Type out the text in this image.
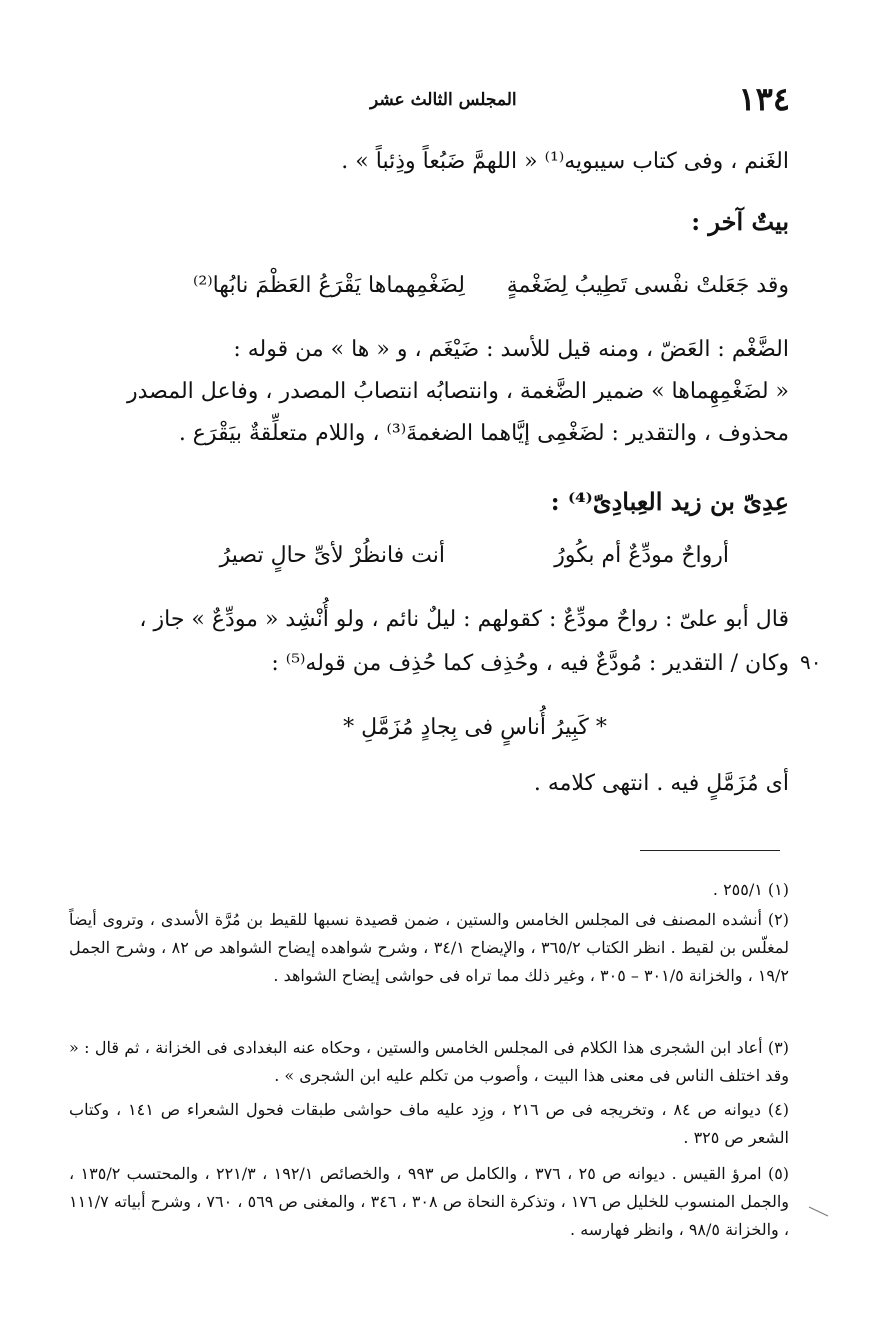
١٣٤
المجلس الثالث عشر
الغَنم ، وفى كتاب سيبويه⁽¹⁾ « اللهمَّ ضَبُعاً وذِئباً » .
بيتٌ آخر :
وقد جَعَلتْ نفْسى تَطِيبُ لِضَغْمةٍ
لِضَغْمِهماها يَقْرَعُ العَظْمَ نابُها⁽²⁾
الضَّغْم : العَضّ ، ومنه قيل للأسد : ضَيْغَم ، و « ها » من قوله :
« لضَغْمِهِماها » ضمير الضَّغمة ، وانتصابُه انتصابُ المصدر ، وفاعل المصدر
محذوف ، والتقدير : لضَغْمِى إيَّاهما الضغمةَ⁽³⁾ ، واللام متعلِّقةٌ بيَقْرَع .
عِدِىّ بن زيد العِبادِىّ⁽⁴⁾ :
أرواحٌ مودِّعٌ أم بكُورُ
أنت فانظُرْ لأىِّ حالٍ تصيرُ
قال أبو علىّ : رواحٌ مودِّعٌ : كقولهم : ليلٌ نائم ، ولو أُنْشِد « مودِّعٌ » جاز ،
وكان / التقدير : مُودَّعٌ فيه ، وحُذِف كما حُذِف من قوله⁽⁵⁾ : ٩٠
* كَبِيرُ أُناسٍ فى بِجادٍ مُزَمَّلِ *
أى مُزَمَّلٍ فيه . انتهى كلامه .
(١) ٢٥٥/١ .
(٢) أنشده المصنف فى المجلس الخامس والستين ، ضمن قصيدة نسبها للقيط بن مُرَّة الأسدى ، وتروى أيضاً لمغلّس بن لقيط . انظر الكتاب ٣٦٥/٢ ، والإيضاح ٣٤/١ ، وشرح شواهده إيضاح الشواهد ص ٨٢ ، وشرح الجمل ١٩/٢ ، والخزانة ٣٠١/٥ – ٣٠٥ ، وغير ذلك مما تراه فى حواشى إيضاح الشواهد .
(٣) أعاد ابن الشجرى هذا الكلام فى المجلس الخامس والستين ، وحكاه عنه البغدادى فى الخزانة ، ثم قال : « وقد اختلف الناس فى معنى هذا البيت ، وأصوب من تكلم عليه ابن الشجرى » .
(٤) ديوانه ص ٨٤ ، وتخريجه فى ص ٢١٦ ، وزِد عليه ماف حواشى طبقات فحول الشعراء ص ١٤١ ، وكتاب الشعر ص ٣٢٥ .
(٥) امرؤ القيس . ديوانه ص ٢٥ ، ٣٧٦ ، والكامل ص ٩٩٣ ، والخصائص ١٩٢/١ ، ٢٢١/٣ ، والمحتسب ١٣٥/٢ ، والجمل المنسوب للخليل ص ١٧٦ ، وتذكرة النحاة ص ٣٠٨ ، ٣٤٦ ، والمغنى ص ٥٦٩ ، ٧٦٠ ، وشرح أبياته ١١١/٧ ، والخزانة ٩٨/٥ ، وانظر فهارسه .
